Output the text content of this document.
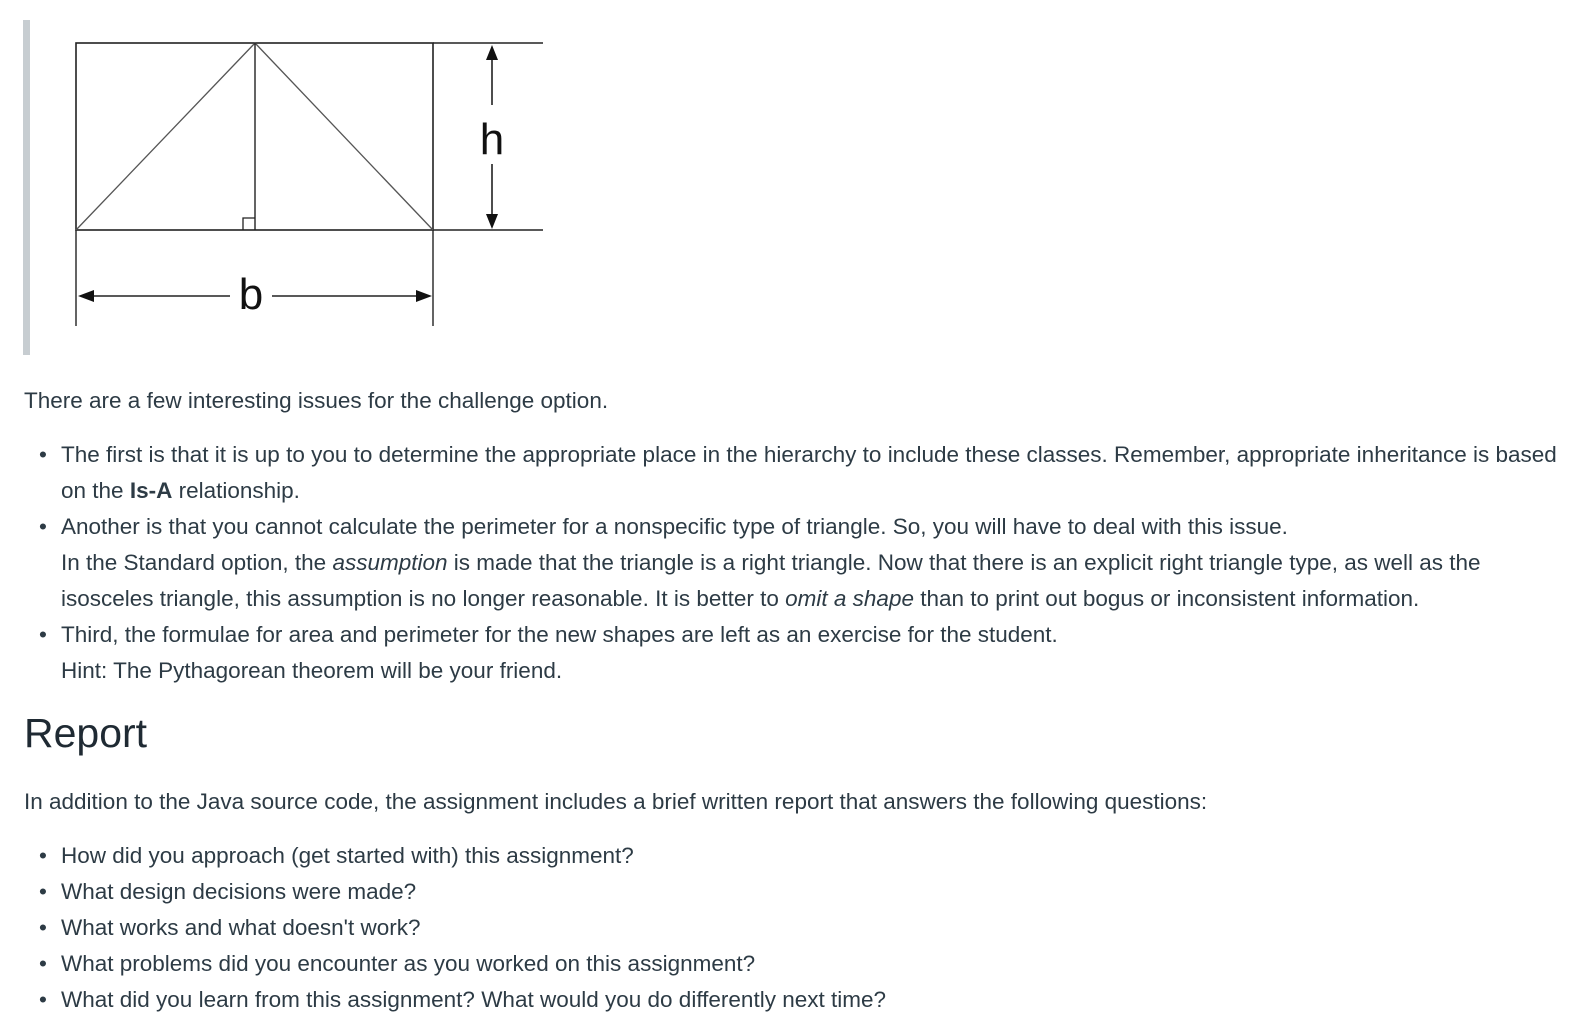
h
b

There are a few interesting issues for the challenge option.

• The first is that it is up to you to determine the appropriate place in the hierarchy to include these classes. Remember, appropriate inheritance is based on the Is-A relationship.
• Another is that you cannot calculate the perimeter for a nonspecific type of triangle. So, you will have to deal with this issue.
In the Standard option, the assumption is made that the triangle is a right triangle. Now that there is an explicit right triangle type, as well as the isosceles triangle, this assumption is no longer reasonable. It is better to omit a shape than to print out bogus or inconsistent information.
• Third, the formulae for area and perimeter for the new shapes are left as an exercise for the student.
Hint: The Pythagorean theorem will be your friend.
Report

In addition to the Java source code, the assignment includes a brief written report that answers the following questions:

• How did you approach (get started with) this assignment?
• What design decisions were made?
• What works and what doesn't work?
• What problems did you encounter as you worked on this assignment?
• What did you learn from this assignment? What would you do differently next time?
